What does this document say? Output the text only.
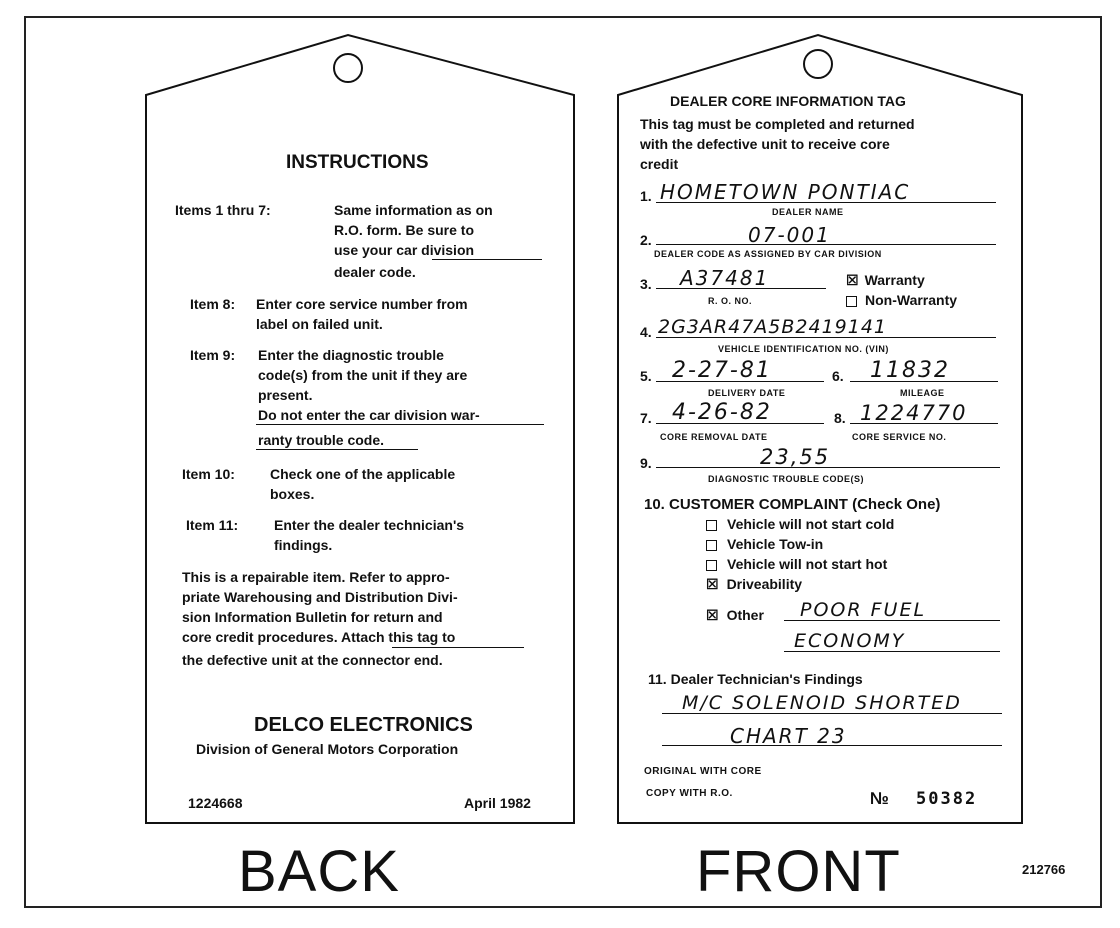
INSTRUCTIONS
Items 1 thru 7:	Same information as on
R.O. form. Be sure to
use your car division
dealer code.
Item 8: Enter core service number from
label on failed unit.
Item 9: Enter the diagnostic trouble
code(s) from the unit if they are
present.
Do not enter the car division war-
ranty trouble code.
Item 10:	Check one of the applicable
boxes.
Item 11:	Enter the dealer technician's
findings.
This is a repairable item. Refer to appro-
priate Warehousing and Distribution Divi-
sion Information Bulletin for return and
core credit procedures. Attach this tag to
the defective unit at the connector end.
DELCO ELECTRONICS
Division of General Motors Corporation
1224668	April 1982
BACK
DEALER CORE INFORMATION TAG
This tag must be completed and returned
with the defective unit to receive core
credit
1. HOMETOWN PONTIAC
DEALER NAME
2.	07-001
DEALER CODE AS ASSIGNED BY CAR DIVISION
3. A37481
R. O. NO.
☒ Warranty
Non-Warranty
4. 2G3AR47A5B2419141
VEHICLE IDENTIFICATION NO. (VIN)
5. 2-27-81
DELIVERY DATE
6. 11832
MILEAGE
7. 4-26-82
CORE REMOVAL DATE
8. 1224770
CORE SERVICE NO.
9.	23,55
DIAGNOSTIC TROUBLE CODE(S)
10. CUSTOMER COMPLAINT (Check One)
Vehicle will not start cold
Vehicle Tow-in
Vehicle will not start hot
☒ Driveability
☒ Other POOR FUEL
ECONOMY
11. Dealer Technician's Findings
M/C SOLENOID SHORTED
CHART 23
ORIGINAL WITH CORE
COPY WITH R.O.	№ 50382
FRONT	212766
